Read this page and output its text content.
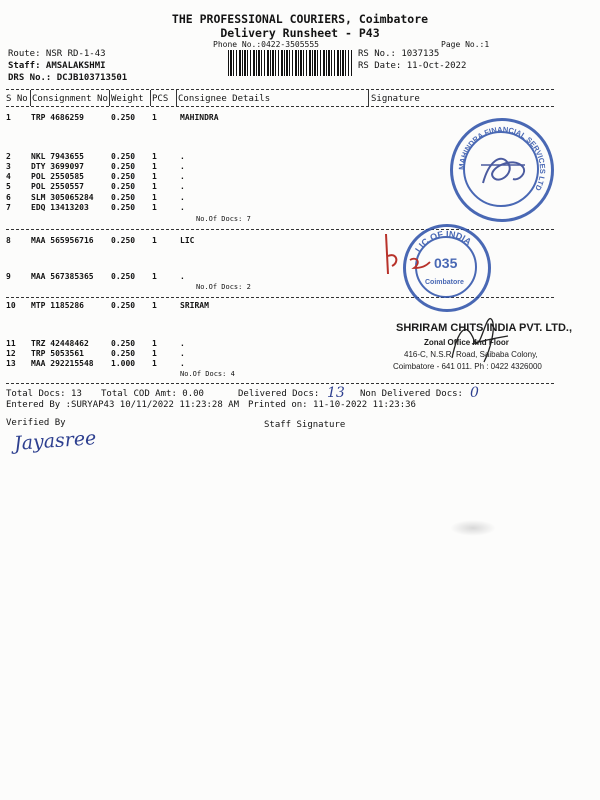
THE PROFESSIONAL COURIERS, Coimbatore
Delivery Runsheet - P43
Phone No.:0422-3505555	Page No.:1
Route: NSR RD-1-43
Staff: AMSALAKSHMI
DRS No.: DCJB103713501
RS No.: 1037135
RS Date: 11-Oct-2022
S No Consignment No Weight PCS Consignee Details	Signature
1	TRP 4686259	0.250 1	MAHINDRA
2	NKL 7943655	0.250 1	.
3	DTY 3699097	0.250 1	.
4	POL 2550585	0.250 1	.
5	POL 2550557	0.250 1	.
6	SLM 305065284 0.250 1	.
7	EDQ 13413203	0.250 1	.
No.Of Docs: 7
8	MAA 565956716 0.250 1	LIC
9	MAA 567385365 0.250 1	.
No.Of Docs: 2
10 MTP 1185286	0.250 1	SRIRAM
11 TRZ 42448462	0.250 1	.
12 TRP 5053561	0.250 1	.
13 MAA 292215548 1.000 1	.
No.Of Docs: 4
Total Docs: 13 Total COD Amt: 0.00	Delivered Docs: 13 Non Delivered Docs: 0
Entered By :SURYAP43 10/11/2022 11:23:28 AM Printed on: 11-10-2022 11:23:36
Verified By	Staff Signature
Jayasree
MAHINDRA FINANCIAL SERVICES LTD
LIC OF INDIA
035
Coimbatore
SHRIRAM CHITS INDIA PVT. LTD.,
Zonal Office IInd Floor
416-C, N.S.R. Road, Saibaba Colony,
Coimbatore - 641 011. Ph : 0422 4326000
